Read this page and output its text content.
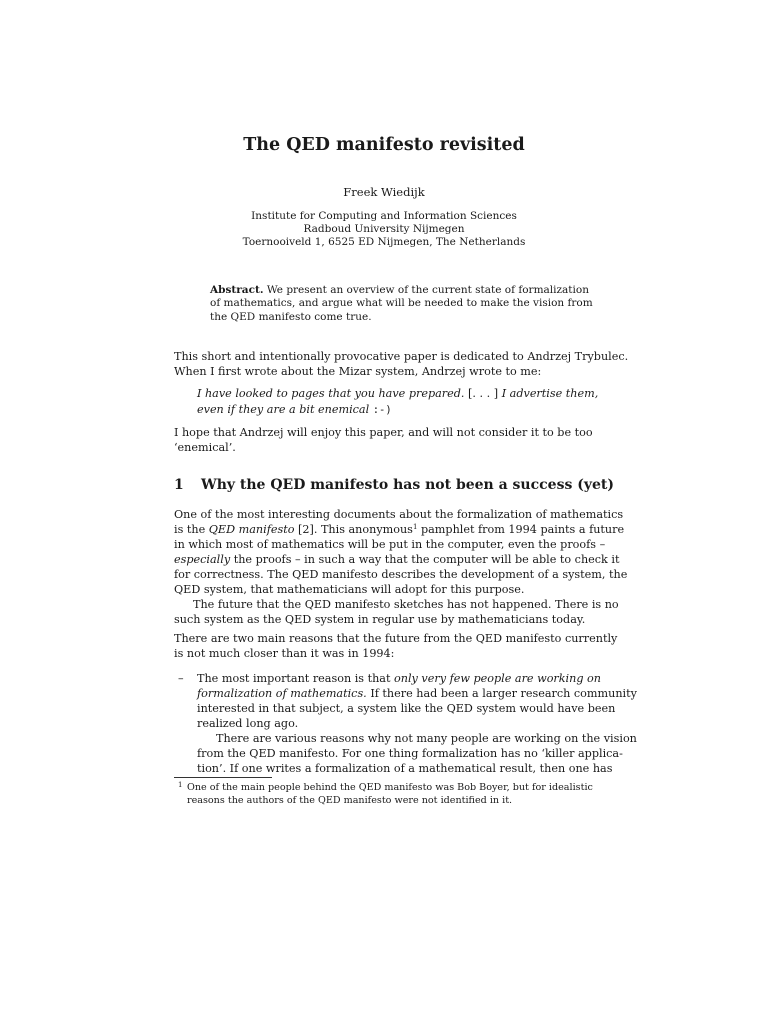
The QED manifesto revisited
Freek Wiedijk
Institute for Computing and Information Sciences
Radboud University Nijmegen
Toernooiveld 1, 6525 ED Nijmegen, The Netherlands
Abstract. We present an overview of the current state of formalization
of mathematics, and argue what will be needed to make the vision from
the QED manifesto come true.
This short and intentionally provocative paper is dedicated to Andrzej Trybulec.
When I first wrote about the Mizar system, Andrzej wrote to me:
I have looked to pages that you have prepared. [. . . ] I advertise them,
even if they are a bit enemical :-)
I hope that Andrzej will enjoy this paper, and will not consider it to be too
‘enemical’.
1 Why the QED manifesto has not been a success (yet)
One of the most interesting documents about the formalization of mathematics
is the QED manifesto [2]. This anonymous$^1$ pamphlet from 1994 paints a future
in which most of mathematics will be put in the computer, even the proofs –
especially the proofs – in such a way that the computer will be able to check it
for correctness. The QED manifesto describes the development of a system, the
QED system, that mathematicians will adopt for this purpose.
The future that the QED manifesto sketches has not happened. There is no
such system as the QED system in regular use by mathematicians today.
There are two main reasons that the future from the QED manifesto currently
is not much closer than it was in 1994:
– The most important reason is that only very few people are working on
formalization of mathematics. If there had been a larger research community
interested in that subject, a system like the QED system would have been
realized long ago.
There are various reasons why not many people are working on the vision
from the QED manifesto. For one thing formalization has no ‘killer applica-
tion’. If one writes a formalization of a mathematical result, then one has
1 One of the main people behind the QED manifesto was Bob Boyer, but for idealistic
reasons the authors of the QED manifesto were not identified in it.
